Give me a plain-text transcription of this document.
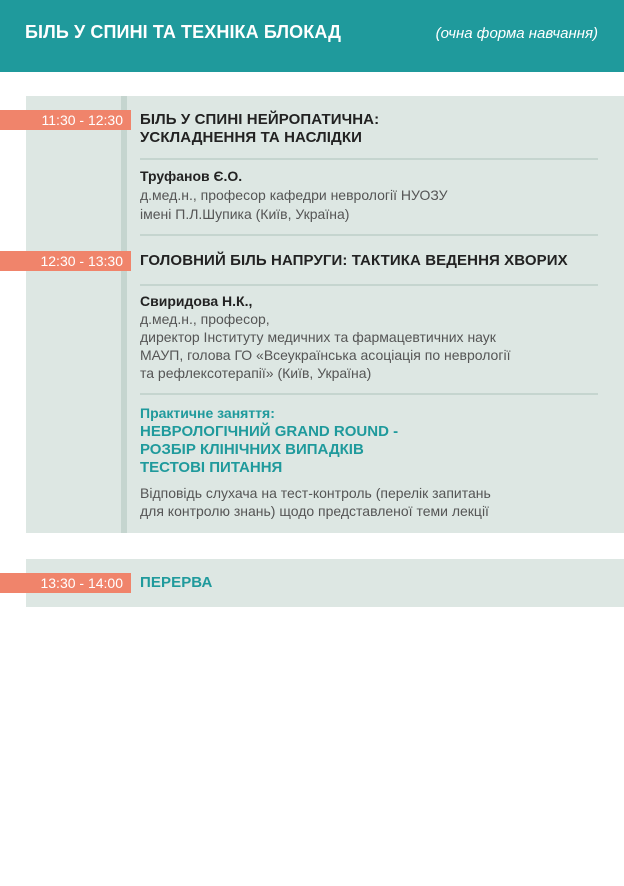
БІЛЬ У СПИНІ ТА ТЕХНІКА БЛОКАД	(очна форма навчання)
11:30 - 12:30	БІЛЬ У СПИНІ НЕЙРОПАТИЧНА:
УСКЛАДНЕННЯ ТА НАСЛІДКИ
Труфанов Є.О.
д.мед.н., професор кафедри неврології НУОЗУ
імені П.Л.Шупика (Київ, Україна)
12:30 - 13:30	ГОЛОВНИЙ БІЛЬ НАПРУГИ: ТАКТИКА ВЕДЕННЯ ХВОРИХ
Свиридова Н.К.,
д.мед.н., професор,
директор Інституту медичних та фармацевтичних наук
МАУП, голова ГО «Всеукраїнська асоціація по неврології
та рефлексотерапії» (Київ, Україна)
Практичне заняття:
НЕВРОЛОГІЧНИЙ GRAND ROUND -
РОЗБІР КЛІНІЧНИХ ВИПАДКІВ
ТЕСТОВІ ПИТАННЯ
Відповідь слухача на тест-контроль (перелік запитань
для контролю знань) щодо представленої теми лекції
13:30 - 14:00	ПЕРЕРВА
